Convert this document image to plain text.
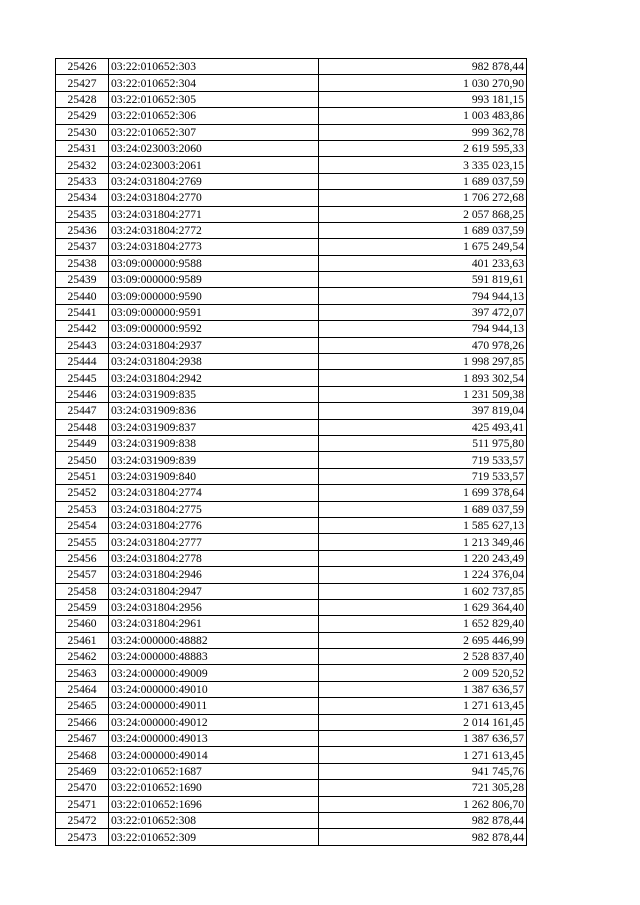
25426	03:22:010652:303	982 878,44
25427	03:22:010652:304	1 030 270,90
25428	03:22:010652:305	993 181,15
25429	03:22:010652:306	1 003 483,86
25430	03:22:010652:307	999 362,78
25431	03:24:023003:2060	2 619 595,33
25432	03:24:023003:2061	3 335 023,15
25433	03:24:031804:2769	1 689 037,59
25434	03:24:031804:2770	1 706 272,68
25435	03:24:031804:2771	2 057 868,25
25436	03:24:031804:2772	1 689 037,59
25437	03:24:031804:2773	1 675 249,54
25438	03:09:000000:9588	401 233,63
25439	03:09:000000:9589	591 819,61
25440	03:09:000000:9590	794 944,13
25441	03:09:000000:9591	397 472,07
25442	03:09:000000:9592	794 944,13
25443	03:24:031804:2937	470 978,26
25444	03:24:031804:2938	1 998 297,85
25445	03:24:031804:2942	1 893 302,54
25446	03:24:031909:835	1 231 509,38
25447	03:24:031909:836	397 819,04
25448	03:24:031909:837	425 493,41
25449	03:24:031909:838	511 975,80
25450	03:24:031909:839	719 533,57
25451	03:24:031909:840	719 533,57
25452	03:24:031804:2774	1 699 378,64
25453	03:24:031804:2775	1 689 037,59
25454	03:24:031804:2776	1 585 627,13
25455	03:24:031804:2777	1 213 349,46
25456	03:24:031804:2778	1 220 243,49
25457	03:24:031804:2946	1 224 376,04
25458	03:24:031804:2947	1 602 737,85
25459	03:24:031804:2956	1 629 364,40
25460	03:24:031804:2961	1 652 829,40
25461	03:24:000000:48882	2 695 446,99
25462	03:24:000000:48883	2 528 837,40
25463	03:24:000000:49009	2 009 520,52
25464	03:24:000000:49010	1 387 636,57
25465	03:24:000000:49011	1 271 613,45
25466	03:24:000000:49012	2 014 161,45
25467	03:24:000000:49013	1 387 636,57
25468	03:24:000000:49014	1 271 613,45
25469	03:22:010652:1687	941 745,76
25470	03:22:010652:1690	721 305,28
25471	03:22:010652:1696	1 262 806,70
25472	03:22:010652:308	982 878,44
25473	03:22:010652:309	982 878,44
